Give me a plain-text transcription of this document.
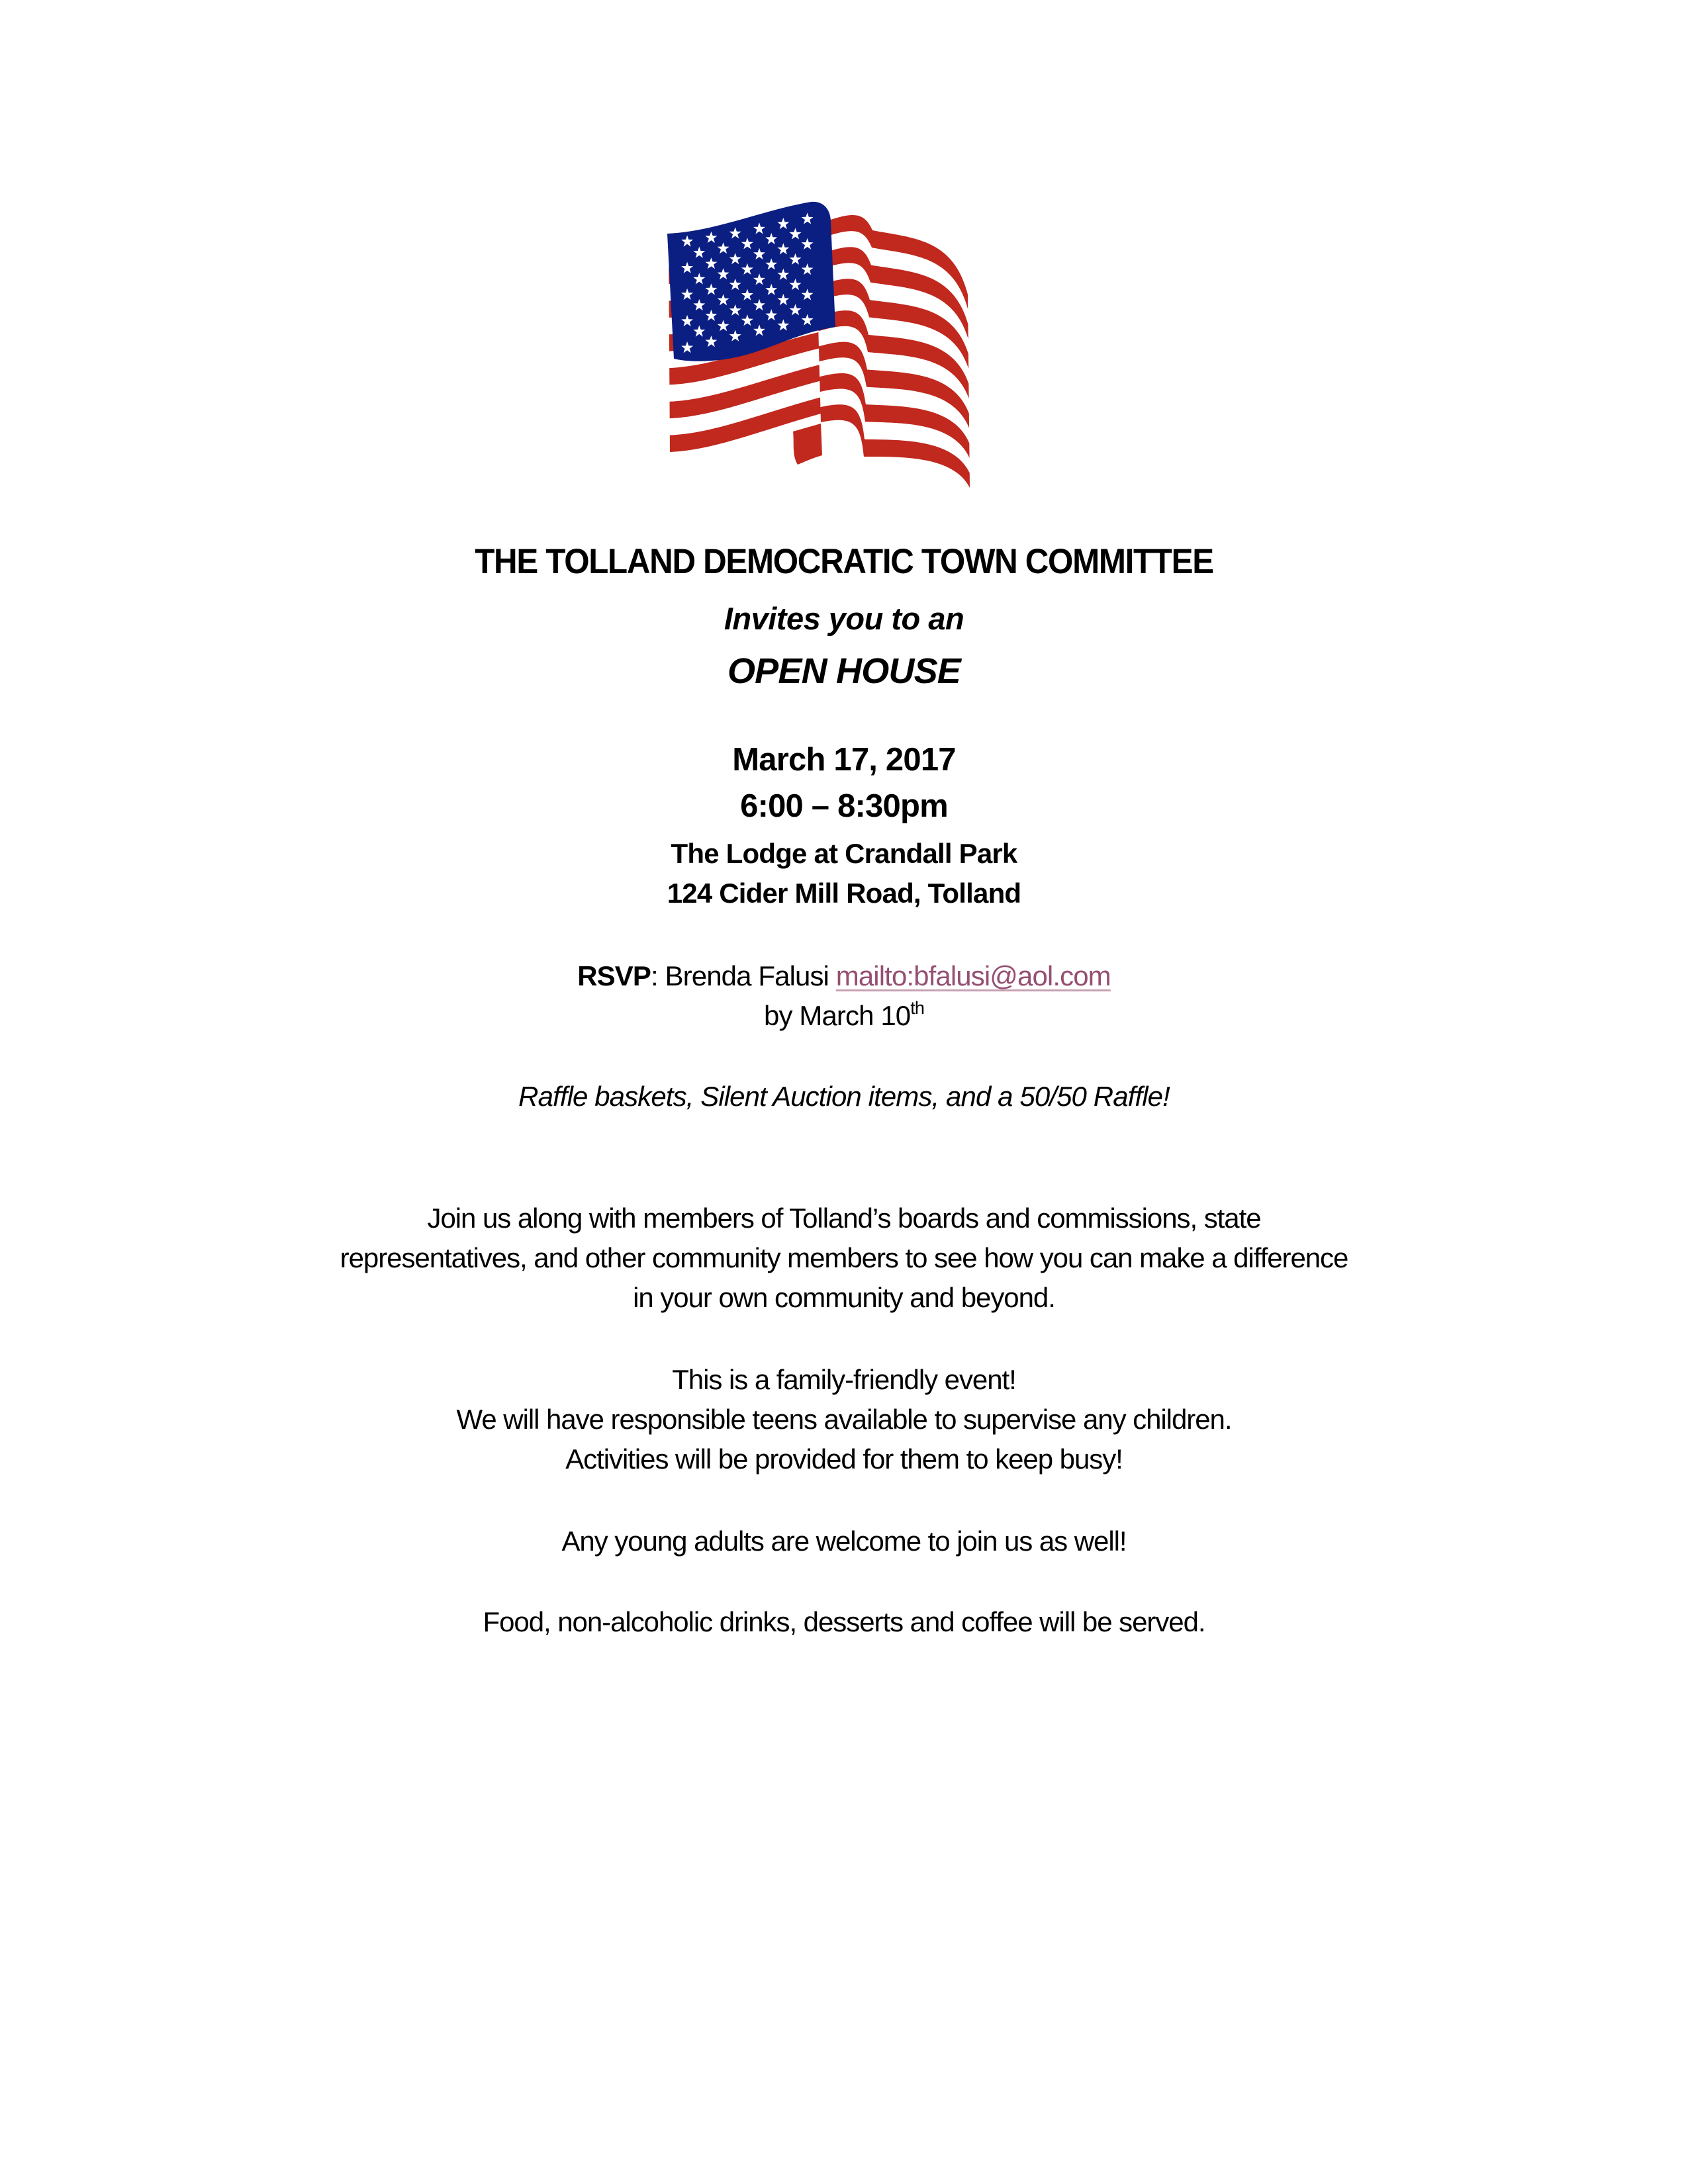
THE TOLLAND DEMOCRATIC TOWN COMMITTEE
Invites you to an
OPEN HOUSE
March 17, 2017
6:00 – 8:30pm
The Lodge at Crandall Park
124 Cider Mill Road, Tolland
RSVP: Brenda Falusi mailto:bfalusi@aol.com
by March 10th
Raffle baskets, Silent Auction items, and a 50/50 Raffle!
Join us along with members of Tolland’s boards and commissions, state
representatives, and other community members to see how you can make a difference
in your own community and beyond.
This is a family-friendly event!
We will have responsible teens available to supervise any children.
Activities will be provided for them to keep busy!
Any young adults are welcome to join us as well!
Food, non-alcoholic drinks, desserts and coffee will be served.
